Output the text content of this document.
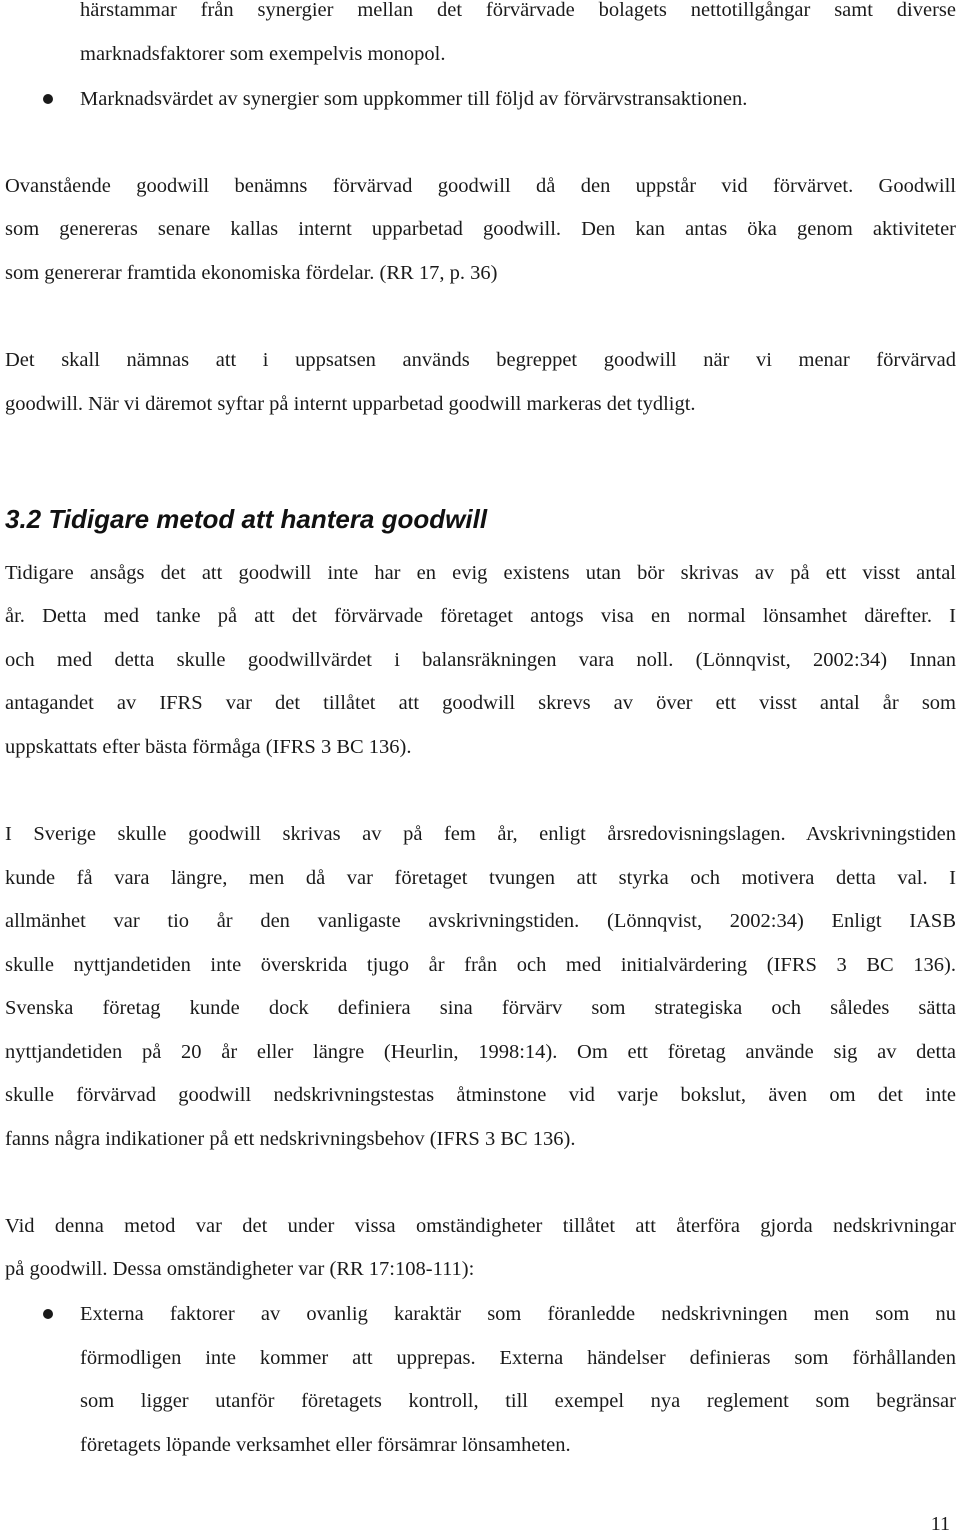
härstammar från synergier mellan det förvärvade bolagets nettotillgångar samt diverse
marknadsfaktorer som exempelvis monopol.
Marknadsvärdet av synergier som uppkommer till följd av förvärvstransaktionen.
Ovanstående goodwill benämns förvärvad goodwill då den uppstår vid förvärvet. Goodwill
som genereras senare kallas internt upparbetad goodwill. Den kan antas öka genom aktiviteter
som genererar framtida ekonomiska fördelar. (RR 17, p. 36)
Det skall nämnas att i uppsatsen används begreppet goodwill när vi menar förvärvad
goodwill. När vi däremot syftar på internt upparbetad goodwill markeras det tydligt.
3.2 Tidigare metod att hantera goodwill
Tidigare ansågs det att goodwill inte har en evig existens utan bör skrivas av på ett visst antal
år. Detta med tanke på att det förvärvade företaget antogs visa en normal lönsamhet därefter. I
och med detta skulle goodwillvärdet i balansräkningen vara noll. (Lönnqvist, 2002:34) Innan
antagandet av IFRS var det tillåtet att goodwill skrevs av över ett visst antal år som
uppskattats efter bästa förmåga (IFRS 3 BC 136).
I Sverige skulle goodwill skrivas av på fem år, enligt årsredovisningslagen. Avskrivningstiden
kunde få vara längre, men då var företaget tvungen att styrka och motivera detta val. I
allmänhet var tio år den vanligaste avskrivningstiden. (Lönnqvist, 2002:34) Enligt IASB
skulle nyttjandetiden inte överskrida tjugo år från och med initialvärdering (IFRS 3 BC 136).
Svenska företag kunde dock definiera sina förvärv som strategiska och således sätta
nyttjandetiden på 20 år eller längre (Heurlin, 1998:14). Om ett företag använde sig av detta
skulle förvärvad goodwill nedskrivningstestas åtminstone vid varje bokslut, även om det inte
fanns några indikationer på ett nedskrivningsbehov (IFRS 3 BC 136).
Vid denna metod var det under vissa omständigheter tillåtet att återföra gjorda nedskrivningar
på goodwill. Dessa omständigheter var (RR 17:108-111):
Externa faktorer av ovanlig karaktär som föranledde nedskrivningen men som nu
förmodligen inte kommer att upprepas. Externa händelser definieras som förhållanden
som ligger utanför företagets kontroll, till exempel nya reglement som begränsar
företagets löpande verksamhet eller försämrar lönsamheten.
11
